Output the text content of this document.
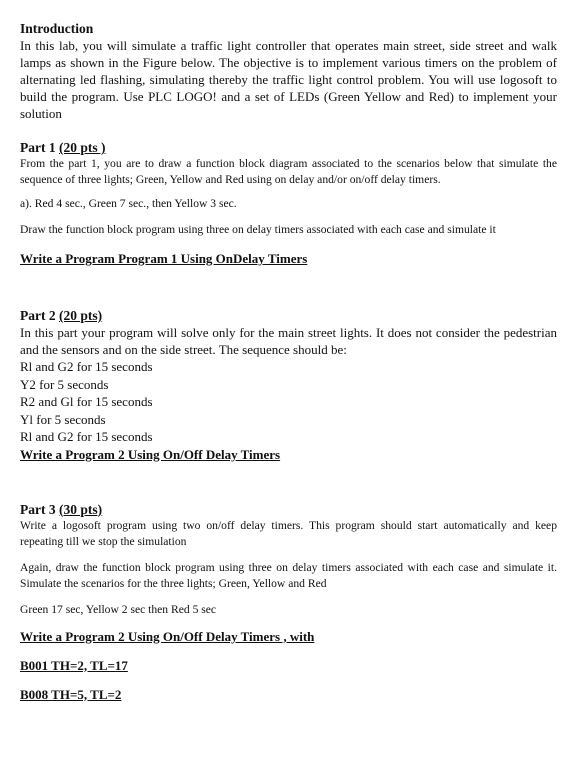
Introduction
In this lab, you will simulate a traffic light controller that operates main street, side street and walk lamps as shown in the Figure below. The objective is to implement various timers on the problem of alternating led flashing, simulating thereby the traffic light control problem. You will use logosoft to build the program. Use PLC LOGO! and a set of LEDs (Green Yellow and Red) to implement your solution
Part 1 (20 pts )
From the part 1, you are to draw a function block diagram associated to the scenarios below that simulate the sequence of three lights; Green, Yellow and Red using on delay and/or on/off delay timers.
a). Red 4 sec., Green 7 sec., then Yellow 3 sec.
Draw the function block program using three on delay timers associated with each case and simulate it
Write a Program Program 1 Using OnDelay Timers
Part 2 (20 pts)
In this part your program will solve only for the main street lights. It does not consider the pedestrian and the sensors and on the side street. The sequence should be:
Rl and G2 for 15 seconds
Y2 for 5 seconds
R2 and Gl for 15 seconds
Yl for 5 seconds
Rl and G2 for 15 seconds
Write a Program 2 Using On/Off Delay Timers
Part 3 (30 pts)
Write a logosoft program using two on/off delay timers. This program should start automatically and keep repeating till we stop the simulation
Again, draw the function block program using three on delay timers associated with each case and simulate it. Simulate the scenarios for the three lights; Green, Yellow and Red
Green 17 sec, Yellow 2 sec then Red 5 sec
Write a Program 2 Using On/Off Delay Timers , with
B001 TH=2, TL=17
B008 TH=5, TL=2
